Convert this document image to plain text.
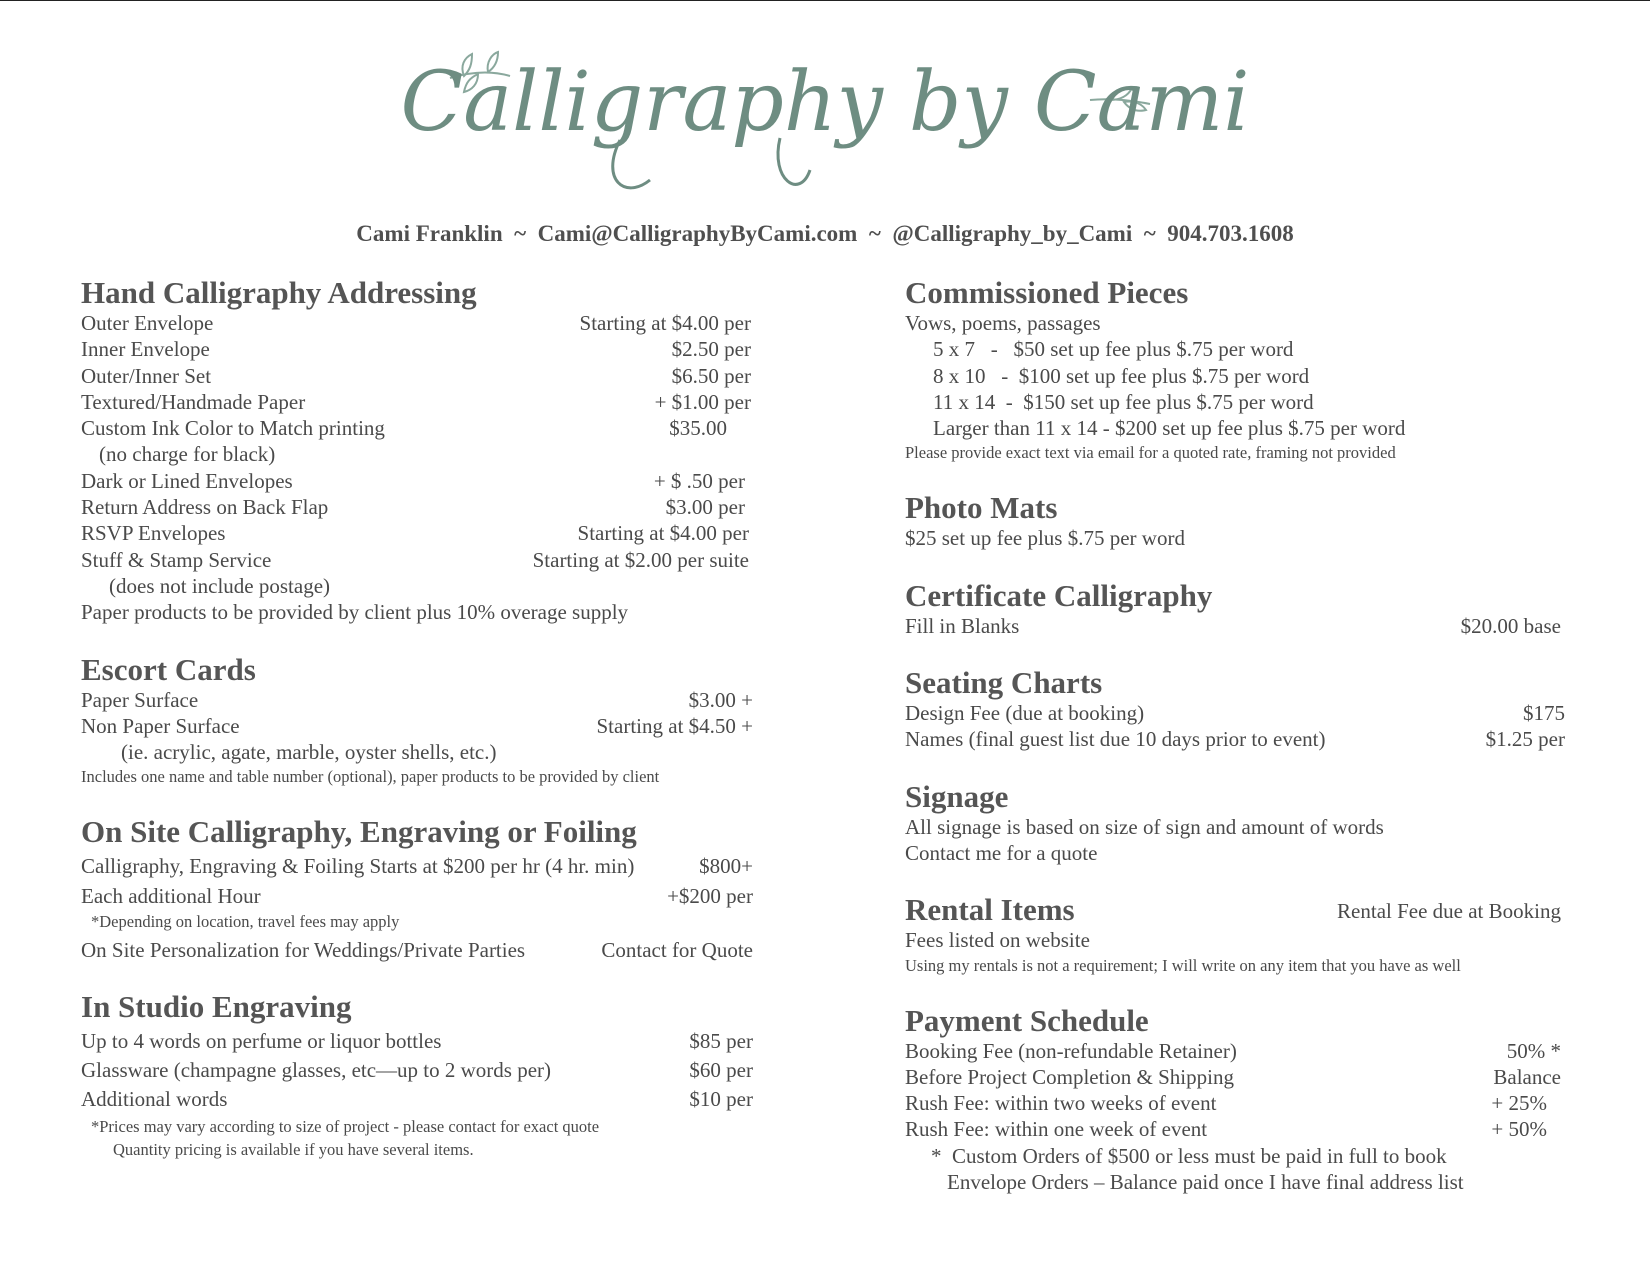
Calligraphy by Cami
Cami Franklin ~ Cami@CalligraphyByCami.com ~ @Calligraphy_by_Cami ~ 904.703.1608
Hand Calligraphy Addressing
Outer Envelope	Starting at $4.00 per
Inner Envelope	$2.50 per
Outer/Inner Set	$6.50 per
Textured/Handmade Paper	+ $1.00 per
Custom Ink Color to Match printing	$35.00
(no charge for black)
Dark or Lined Envelopes	+ $ .50 per
Return Address on Back Flap	$3.00 per
RSVP Envelopes	Starting at $4.00 per
Stuff & Stamp Service	Starting at $2.00 per suite
(does not include postage)
Paper products to be provided by client plus 10% overage supply
Escort Cards
Paper Surface	$3.00 +
Non Paper Surface	Starting at $4.50 +
(ie. acrylic, agate, marble, oyster shells, etc.)
Includes one name and table number (optional), paper products to be provided by client
On Site Calligraphy, Engraving or Foiling
Calligraphy, Engraving & Foiling Starts at $200 per hr (4 hr. min)	$800+
Each additional Hour	+$200 per
*Depending on location, travel fees may apply
On Site Personalization for Weddings/Private Parties	Contact for Quote
In Studio Engraving
Up to 4 words on perfume or liquor bottles	$85 per
Glassware (champagne glasses, etc—up to 2 words per)	$60 per
Additional words	$10 per
*Prices may vary according to size of project - please contact for exact quote
Quantity pricing is available if you have several items.
Commissioned Pieces
Vows, poems, passages
5 x 7   -   $50 set up fee plus $.75 per word
8 x 10   -  $100 set up fee plus $.75 per word
11 x 14  -  $150 set up fee plus $.75 per word
Larger than 11 x 14 - $200 set up fee plus $.75 per word
Please provide exact text via email for a quoted rate, framing not provided
Photo Mats
$25 set up fee plus $.75 per word
Certificate Calligraphy
Fill in Blanks	$20.00 base
Seating Charts
Design Fee (due at booking)	$175
Names (final guest list due 10 days prior to event)	$1.25 per
Signage
All signage is based on size of sign and amount of words
Contact me for a quote
Rental Items	Rental Fee due at Booking
Fees listed on website
Using my rentals is not a requirement; I will write on any item that you have as well
Payment Schedule
Booking Fee (non-refundable Retainer)	50% *
Before Project Completion & Shipping	Balance
Rush Fee: within two weeks of event	+ 25%
Rush Fee: within one week of event	+ 50%
*  Custom Orders of $500 or less must be paid in full to book
Envelope Orders – Balance paid once I have final address list
